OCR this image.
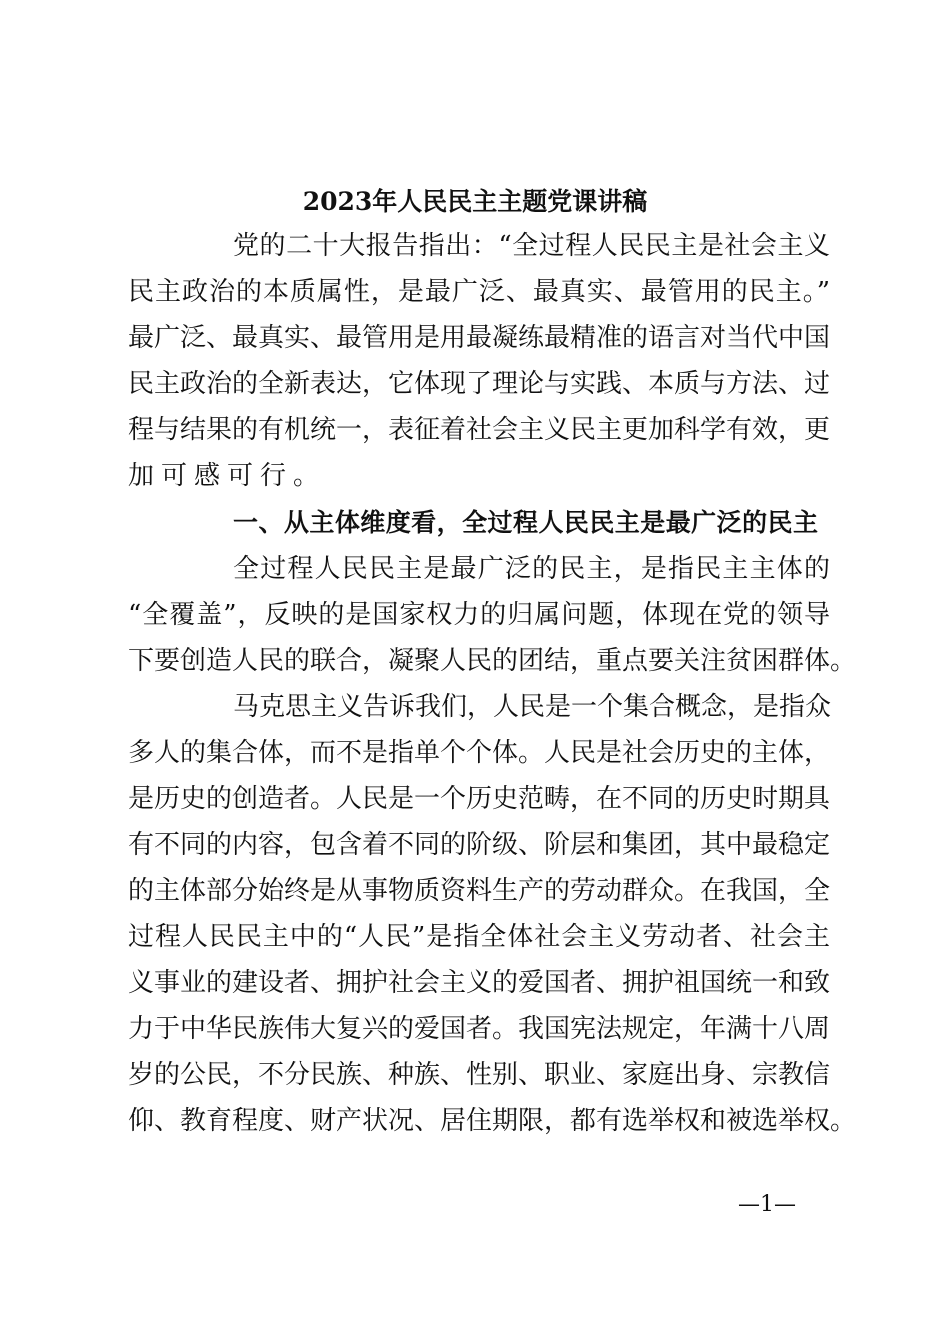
2023年人民民主主题党课讲稿
党的二十大报告指出：“全过程人民民主是社会主义
民主政治的本质属性，是最广泛、最真实、最管用的民主。”
最广泛、最真实、最管用是用最凝练最精准的语言对当代中国
民主政治的全新表达，它体现了理论与实践、本质与方法、过
程与结果的有机统一，表征着社会主义民主更加科学有效，更
加可感可行。
一、从主体维度看，全过程人民民主是最广泛的民主
全过程人民民主是最广泛的民主，是指民主主体的
“全覆盖”，反映的是国家权力的归属问题，体现在党的领导
下要创造人民的联合，凝聚人民的团结，重点要关注贫困群体。
马克思主义告诉我们，人民是一个集合概念，是指众
多人的集合体，而不是指单个个体。人民是社会历史的主体，
是历史的创造者。人民是一个历史范畴，在不同的历史时期具
有不同的内容，包含着不同的阶级、阶层和集团，其中最稳定
的主体部分始终是从事物质资料生产的劳动群众。在我国，全
过程人民民主中的“人民”是指全体社会主义劳动者、社会主
义事业的建设者、拥护社会主义的爱国者、拥护祖国统一和致
力于中华民族伟大复兴的爱国者。我国宪法规定，年满十八周
岁的公民，不分民族、种族、性别、职业、家庭出身、宗教信
仰、教育程度、财产状况、居住期限，都有选举权和被选举权。
—1—
